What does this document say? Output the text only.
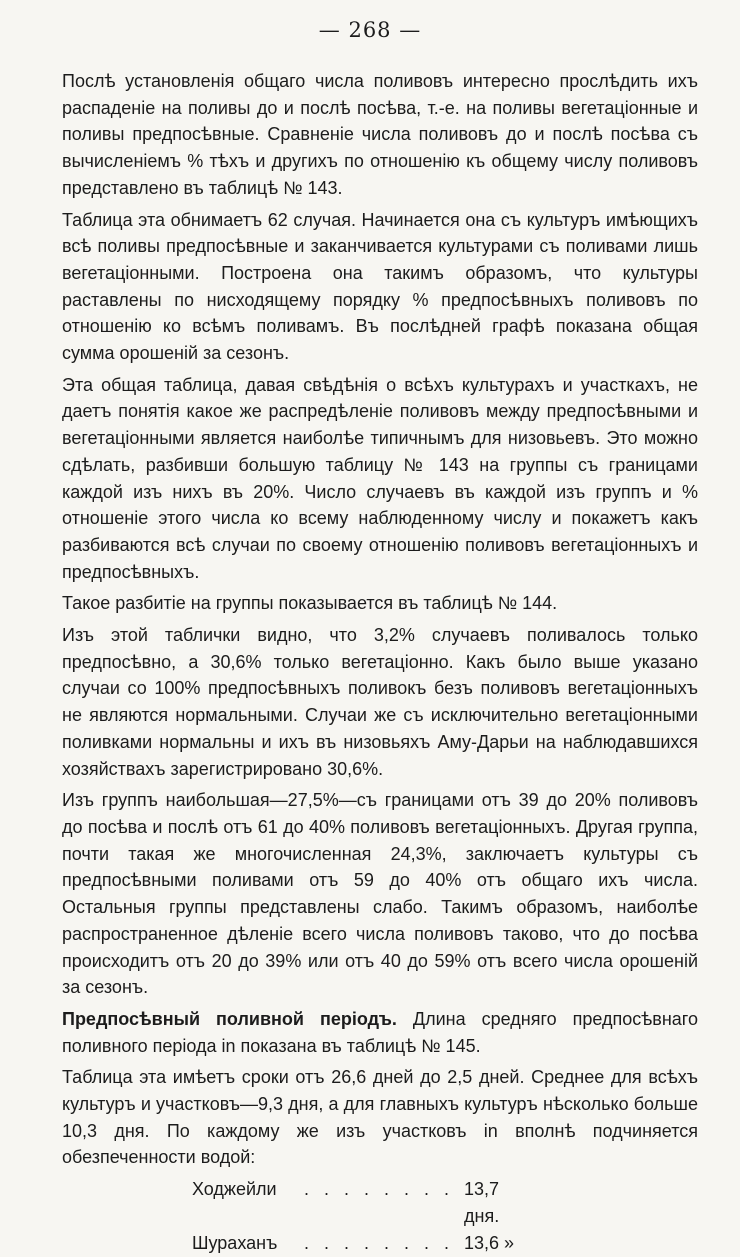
— 268 —

Послѣ установленія общаго числа поливовъ интересно прослѣдить ихъ распаденіе на поливы до и послѣ посѣва, т.-е. на поливы вегетаціонные и поливы предпосѣвные. Сравненіе числа поливовъ до и послѣ посѣва съ вычисленіемъ % тѣхъ и другихъ по отношенію къ общему числу поливовъ представлено въ таблицѣ № 143.

Таблица эта обнимаетъ 62 случая. Начинается она съ культуръ имѣющихъ всѣ поливы предпосѣвные и заканчивается культурами съ поливами лишь вегетаціонными. Построена она такимъ образомъ, что культуры раставлены по нисходящему порядку % предпосѣвныхъ поливовъ по отношенію ко всѣмъ поливамъ. Въ послѣдней графѣ показана общая сумма орошеній за сезонъ.

Эта общая таблица, давая свѣдѣнія о всѣхъ культурахъ и участкахъ, не даетъ понятія какое же распредѣленіе поливовъ между предпосѣвными и вегетаціонными является наиболѣе типичнымъ для низовьевъ. Это можно сдѣлать, разбивши большую таблицу № 143 на группы съ границами каждой изъ нихъ въ 20%. Число случаевъ въ каждой изъ группъ и % отношеніе этого числа ко всему наблюденному числу и покажетъ какъ разбиваются всѣ случаи по своему отношенію поливовъ вегетаціонныхъ и предпосѣвныхъ.

Такое разбитіе на группы показывается въ таблицѣ № 144.

Изъ этой таблички видно, что 3,2% случаевъ поливалось только предпосѣвно, а 30,6% только вегетаціонно. Какъ было выше указано случаи со 100% предпосѣвныхъ поливокъ безъ поливовъ вегетаціонныхъ не являются нормальными. Случаи же съ исключительно вегетаціонными поливками нормальны и ихъ въ низовьяхъ Аму-Дарьи на наблюдавшихся хозяйствахъ зарегистрировано 30,6%.

Изъ группъ наибольшая—27,5%—съ границами отъ 39 до 20% поливовъ до посѣва и послѣ отъ 61 до 40% поливовъ вегетаціонныхъ. Другая группа, почти такая же многочисленная 24,3%, заключаетъ культуры съ предпосѣвными поливами отъ 59 до 40% отъ общаго ихъ числа. Остальныя группы представлены слабо. Такимъ образомъ, наиболѣе распространенное дѣленіе всего числа поливовъ таково, что до посѣва происходитъ отъ 20 до 39% или отъ 40 до 59% отъ всего числа орошеній за сезонъ.

Предпосѣвный поливной періодъ. Длина средняго предпосѣвнаго поливного періода in показана въ таблицѣ № 145.

Таблица эта имѣетъ сроки отъ 26,6 дней до 2,5 дней. Среднее для всѣхъ культуръ и участковъ—9,3 дня, а для главныхъ культуръ нѣсколько больше 10,3 дня. По каждому же изъ участковъ in вполнѣ подчиняется обезпеченности водой:

Ходжейли	. . . . . . . . 13,7 дня.
Шураханъ	. . . . . . . . 13,6 »
